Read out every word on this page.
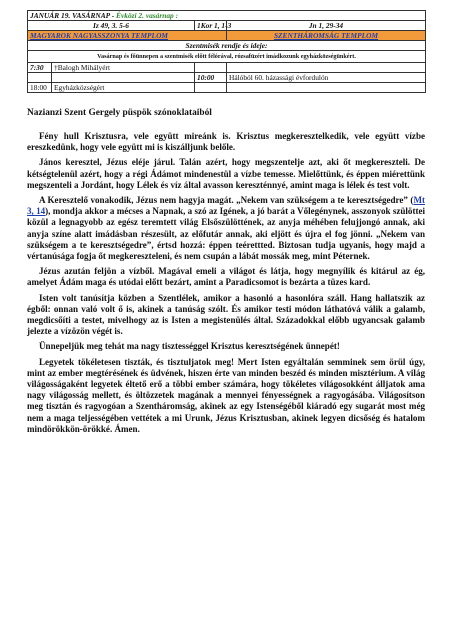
JANUÁR 19. VASÁRNAP - Évközi 2. vasárnap :			
Iz 49, 3. 5-6		1Kor 1, 1-3	Jn 1, 29-34
MAGYAROK NAGYASSZONYA TEMPLOM			SZENTHÁROMSÁG TEMPLOM
Szentmisék rendje és ideje:			
Vasárnap és főünnepen a szentmisék előtt félórával, rózsafüzért imádkozunk egyházközségünkért.			
7:30	†Balogh Mihályért		
		10:00	Hálóból 60. házassági évfordulón
18:00	Egyházközségért		
Nazianzi Szent Gergely püspök szónoklataiból

Fény hull Krisztusra, vele együtt mireánk is. Krisztus megkeresztelkedik, vele együtt vízbe ereszkedünk, hogy vele együtt mi is kiszálljunk belőle.

János keresztel, Jézus eléje járul. Talán azért, hogy megszentelje azt, aki őt megkereszteli. De kétségtelenül azért, hogy a régi Ádámot mindenestül a vízbe temesse. Mielőttünk, és éppen miérettünk megszenteli a Jordánt, hogy Lélek és víz által avasson kereszténnyé, amint maga is lélek és test volt.

A Keresztelő vonakodik, Jézus nem hagyja magát. „Nekem van szükségem a te keresztségedre” (Mt 3, 14), mondja akkor a mécses a Napnak, a szó az Igének, a jó barát a Vőlegénynek, asszonyok szülöttei közül a legnagyobb az egész teremtett világ Elsőszülöttének, az anyja méhében felujjongó annak, aki anyja színe alatt imádásban részesült, az előfutár annak, aki eljött és újra el fog jönni. „Nekem van szükségem a te keresztségedre”, értsd hozzá: éppen teérettted. Biztosan tudja ugyanis, hogy majd a vértanúsága fogja őt megkereszteleni, és nem csupán a lábát mossák meg, mint Péternek.

Jézus azután feljön a vízből. Magával emeli a világot és látja, hogy megnyílik és kitárul az ég, amelyet Ádám maga és utódai előtt bezárt, amint a Paradicsomot is bezárta a tüzes kard.

Isten volt tanúsítja közben a Szentlélek, amikor a hasonló a hasonlóra száll. Hang hallatszik az égből: onnan való volt ő is, akinek a tanúság szólt. És amikor testi módon láthatóvá válik a galamb, megdicsőíti a testet, mivelhogy az is Isten a megistenülés által. Századokkal előbb ugyancsak galamb jelezte a vízözön végét is.

Ünnepeljük meg tehát ma nagy tisztességgel Krisztus keresztségének ünnepét!

Legyetek tökéletesen tiszták, és tisztuljatok meg! Mert Isten egyáltalán semminek sem örül úgy, mint az ember megtérésének és üdvének, hiszen érte van minden beszéd és minden misztérium. A világ világosságaként legyetek éltető erő a többi ember számára, hogy tökéletes világosokként álljatok ama nagy világosság mellett, és öltözzetek magának a mennyei fényességnek a ragyogásába. Világosítson meg tisztán és ragyogóan a Szentháromság, akinek az egy Istenségéből kiáradó egy sugarát most még nem a maga teljességében vettétek a mi Urunk, Jézus Krisztusban, akinek legyen dicsőség és hatalom mindörökkön-örökké. Ámen.
